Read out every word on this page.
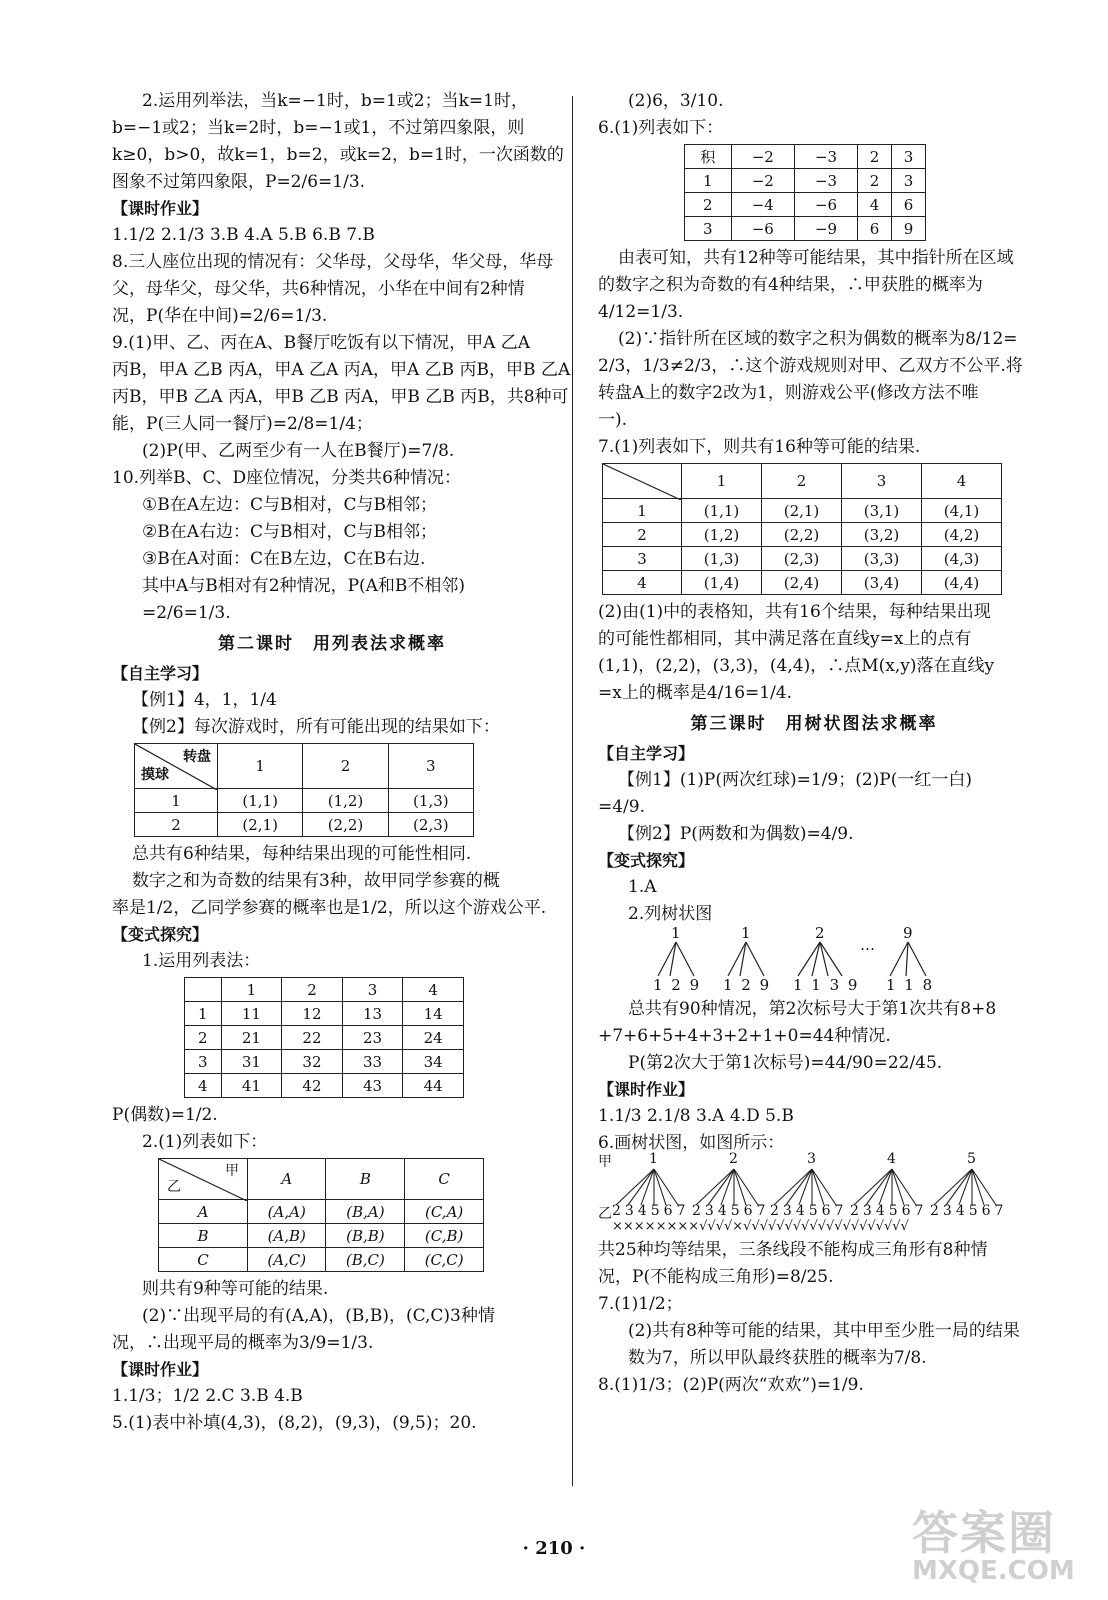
2.运用列举法，当k=−1时，b=1或2；当k=1时，
b=−1或2；当k=2时，b=−1或1，不过第四象限，则
k≥0，b>0，故k=1，b=2，或k=2，b=1时，一次函数的
图象不过第四象限，P=2/6=1/3.
【课时作业】
1.1/2 2.1/3 3.B 4.A 5.B 6.B 7.B
8.三人座位出现的情况有：父华母，父母华，华父母，华母
父，母华父，母父华，共6种情况，小华在中间有2种情
况，P(华在中间)=2/6=1/3.
9.(1)甲、乙、丙在A、B餐厅吃饭有以下情况，甲A 乙A
丙B，甲A 乙B 丙A，甲A 乙A 丙A，甲A 乙B 丙B，甲B 乙A
丙B，甲B 乙A 丙A，甲B 乙B 丙A，甲B 乙B 丙B，共8种可
能，P(三人同一餐厅)=2/8=1/4；
(2)P(甲、乙两至少有一人在B餐厅)=7/8.
10.列举B、C、D座位情况，分类共6种情况：
①B在A左边：C与B相对，C与B相邻；
②B在A右边：C与B相对，C与B相邻；
③B在A对面：C在B左边，C在B右边.
其中A与B相对有2种情况，P(A和B不相邻)
=2/6=1/3.
第二课时　用列表法求概率
【自主学习】
【例1】4，1，1/4
【例2】每次游戏时，所有可能出现的结果如下：
转盘
摸球	1	2	3
1	(1,1)	(1,2)	(1,3)
2	(2,1)	(2,2)	(2,3)
总共有6种结果，每种结果出现的可能性相同.
数字之和为奇数的结果有3种，故甲同学参赛的概
率是1/2，乙同学参赛的概率也是1/2，所以这个游戏公平.
【变式探究】
1.运用列表法：
	1	2	3	4
1	11	12	13	14
2	21	22	23	24
3	31	32	33	34
4	41	42	43	44
P(偶数)=1/2.
2.(1)列表如下：
甲
乙	A	B	C
A	(A,A)	(B,A)	(C,A)
B	(A,B)	(B,B)	(C,B)
C	(A,C)	(B,C)	(C,C)
则共有9种等可能的结果.
(2)∵出现平局的有(A,A)，(B,B)，(C,C)3种情
况，∴出现平局的概率为3/9=1/3.
【课时作业】
1.1/3；1/2 2.C 3.B 4.B
5.(1)表中补填(4,3)，(8,2)，(9,3)，(9,5)；20.
(2)6，3/10.
6.(1)列表如下：
积	−2	−3	2	3
1	−2	−3	2	3
2	−4	−6	4	6
3	−6	−9	6	9
由表可知，共有12种等可能结果，其中指针所在区域
的数字之积为奇数的有4种结果，∴甲获胜的概率为
4/12=1/3.
(2)∵指针所在区域的数字之积为偶数的概率为8/12=
2/3，1/3≠2/3，∴这个游戏规则对甲、乙双方不公平.将
转盘A上的数字2改为1，则游戏公平(修改方法不唯
一).
7.(1)列表如下，则共有16种等可能的结果.
	1	2	3	4
1	(1,1)	(2,1)	(3,1)	(4,1)
2	(1,2)	(2,2)	(3,2)	(4,2)
3	(1,3)	(2,3)	(3,3)	(4,3)
4	(1,4)	(2,4)	(3,4)	(4,4)
(2)由(1)中的表格知，共有16个结果，每种结果出现
的可能性都相同，其中满足落在直线y=x上的点有
(1,1)，(2,2)，(3,3)，(4,4)，∴点M(x,y)落在直线y
=x上的概率是4/16=1/4.
第三课时　用树状图法求概率
【自主学习】
【例1】(1)P(两次红球)=1/9；(2)P(一红一白)
=4/9.
【例2】P(两数和为偶数)=4/9.
【变式探究】
1.A
2.列树状图
1	1	2
…
9
1 2 9 1 2 9 1 1 3 9 1 1 8
总共有90种情况，第2次标号大于第1次共有8+8
+7+6+5+4+3+2+1+0=44种情况.
P(第2次大于第1次标号)=44/90=22/45.
【课时作业】
1.1/3 2.1/8 3.A 4.D 5.B
6.画树状图，如图所示：
甲	1	2	3	4	5
乙 234567 234567 234567 234567 234567
××××××××√√√√×√√√√√√√√√√√√√√√√√√√√
共25种均等结果，三条线段不能构成三角形有8种情
况，P(不能构成三角形)=8/25.
7.(1)1/2；
(2)共有8种等可能的结果，其中甲至少胜一局的结果
数为7，所以甲队最终获胜的概率为7/8.
8.(1)1/3；(2)P(两次“欢欢”)=1/9.
· 210 ·	答案圈
MXQE.COM
